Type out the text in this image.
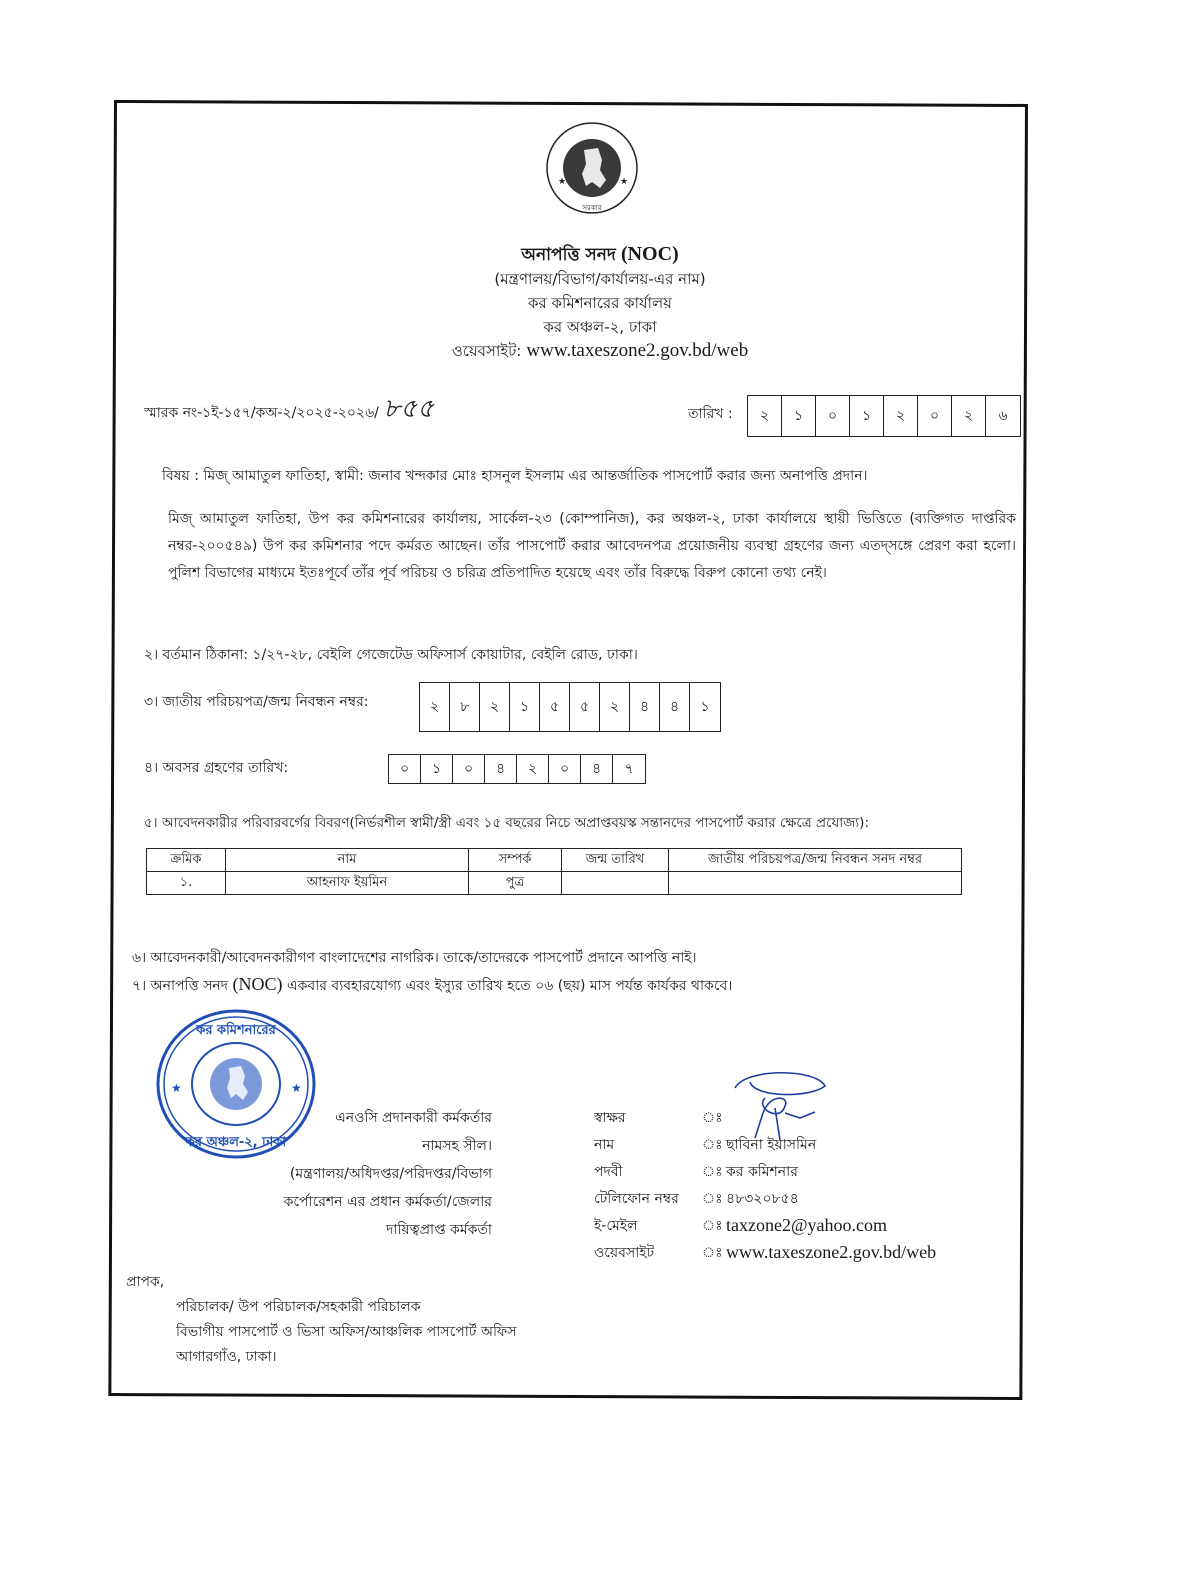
★	★
সরকার
অনাপত্তি সনদ (NOC)
(মন্ত্রণালয়/বিভাগ/কার্যালয়-এর নাম)
কর কমিশনারের কার্যালয়
কর অঞ্চল-২, ঢাকা
ওয়েবসাইট: www.taxeszone2.gov.bd/web
স্মারক নং-১ই-১৫৭/কঅ-২/২০২৫-২০২৬/ ৮৫৫	তারিখ :	২	১	০	১	২	০	২	৬
বিষয় : মিজ্ আমাতুল ফাতিহা, স্বামী: জনাব খন্দকার মোঃ হাসনুল ইসলাম এর আন্তর্জাতিক পাসপোর্ট করার জন্য অনাপত্তি প্রদান।
মিজ্ আমাতুল ফাতিহা, উপ কর কমিশনারের কার্যালয়, সার্কেল-২৩ (কোম্পানিজ), কর অঞ্চল-২, ঢাকা কার্যালয়ে স্থায়ী ভিত্তিতে (ব্যক্তিগত দাপ্তরিক নম্বর-২০০৫৪৯) উপ কর কমিশনার পদে কর্মরত আছেন। তাঁর পাসপোর্ট করার আবেদনপত্র প্রয়োজনীয় ব্যবস্থা গ্রহণের জন্য এতদ্সঙ্গে প্রেরণ করা হলো। পুলিশ বিভাগের মাধ্যমে ইতঃপূর্বে তাঁর পূর্ব পরিচয় ও চরিত্র প্রতিপাদিত হয়েছে এবং তাঁর বিরুদ্ধে বিরুপ কোনো তথ্য নেই।
২। বর্তমান ঠিকানা: ১/২৭-২৮, বেইলি গেজেটেড অফিসার্স কোয়াটার, বেইলি রোড, ঢাকা।
৩। জাতীয় পরিচয়পত্র/জন্ম নিবন্ধন নম্বর:	২	৮	২	১	৫	৫	২	৪	৪	১
৪। অবসর গ্রহণের তারিখ:	০	১	০	৪	২	০	৪	৭
৫। আবেদনকারীর পরিবারবর্গের বিবরণ(নির্ভরশীল স্বামী/স্ত্রী এবং ১৫ বছরের নিচে অপ্রাপ্তবয়স্ক সন্তানদের পাসপোর্ট করার ক্ষেত্রে প্রযোজ্য):
ক্রমিক	নাম	সম্পর্ক	জন্ম তারিখ	জাতীয় পরিচয়পত্র/জন্ম নিবন্ধন সনদ নম্বর
১.	আহনাফ ইয়মিন	পুত্র		
৬। আবেদনকারী/আবেদনকারীগণ বাংলাদেশের নাগরিক। তাকে/তাদেরকে পাসপোর্ট প্রদানে আপত্তি নাই।
৭। অনাপত্তি সনদ (NOC) একবার ব্যবহারযোগ্য এবং ইস্যুর তারিখ হতে ০৬ (ছয়) মাস পর্যন্ত কার্যকর থাকবে।
★	★
কর কমিশনারের
কর অঞ্চল-২, ঢাকা
এনওসি প্রদানকারী কর্মকর্তার
নামসহ সীল।
(মন্ত্রণালয়/অধিদপ্তর/পরিদপ্তর/বিভাগ
কর্পোরেশন এর প্রধান কর্মকর্তা/জেলার
দায়িত্বপ্রাপ্ত কর্মকর্তা
স্বাক্ষর	ঃ
নাম	ঃ ছাবিনা ইয়াসমিন
পদবী	ঃ কর কমিশনার
টেলিফোন নম্বর	ঃ ৪৮৩২০৮৫৪
ই-মেইল	ঃ taxzone2@yahoo.com
ওয়েবসাইট	ঃ www.taxeszone2.gov.bd/web
প্রাপক,
পরিচালক/ উপ পরিচালক/সহকারী পরিচালক
বিভাগীয় পাসপোর্ট ও ভিসা অফিস/আঞ্চলিক পাসপোর্ট অফিস
আগারগাঁও, ঢাকা।
